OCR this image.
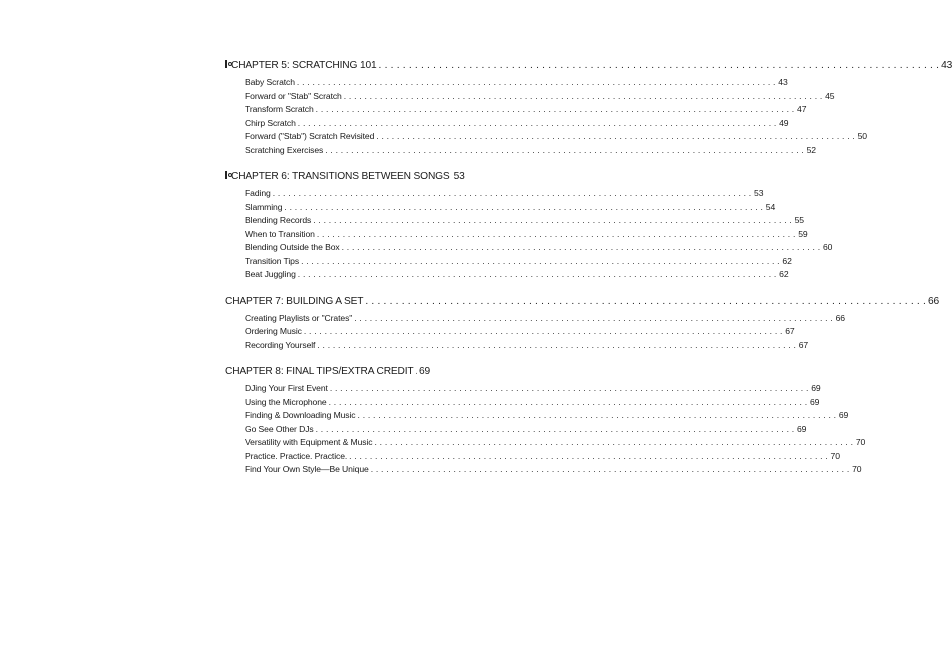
CHAPTER 5: SCRATCHING 101 . . .	43
Baby Scratch . . .	43
Forward or "Stab" Scratch . . .	45
Transform Scratch . . .	47
Chirp Scratch . . .	49
Forward ("Stab") Scratch Revisited . . .	50
Scratching Exercises . . .	52
CHAPTER 6: TRANSITIONS BETWEEN SONGS 53
Fading . . .	53
Slamming . . .	54
Blending Records . . .	55
When to Transition . . .	59
Blending Outside the Box . . .	60
Transition Tips . . .	62
Beat Juggling . . .	62
CHAPTER 7: BUILDING A SET . . .	66
Creating Playlists or "Crates" . . .	66
Ordering Music . . .	67
Recording Yourself . . .	67
CHAPTER 8: FINAL TIPS/EXTRA CREDIT . . . 69
DJing Your First Event . . .	69
Using the Microphone . . .	69
Finding & Downloading Music . . .	69
Go See Other DJs . . .	69
Versatility with Equipment & Music . . .	70
Practice. Practice. Practice. . . .	70
Find Your Own Style—Be Unique . . .	70
